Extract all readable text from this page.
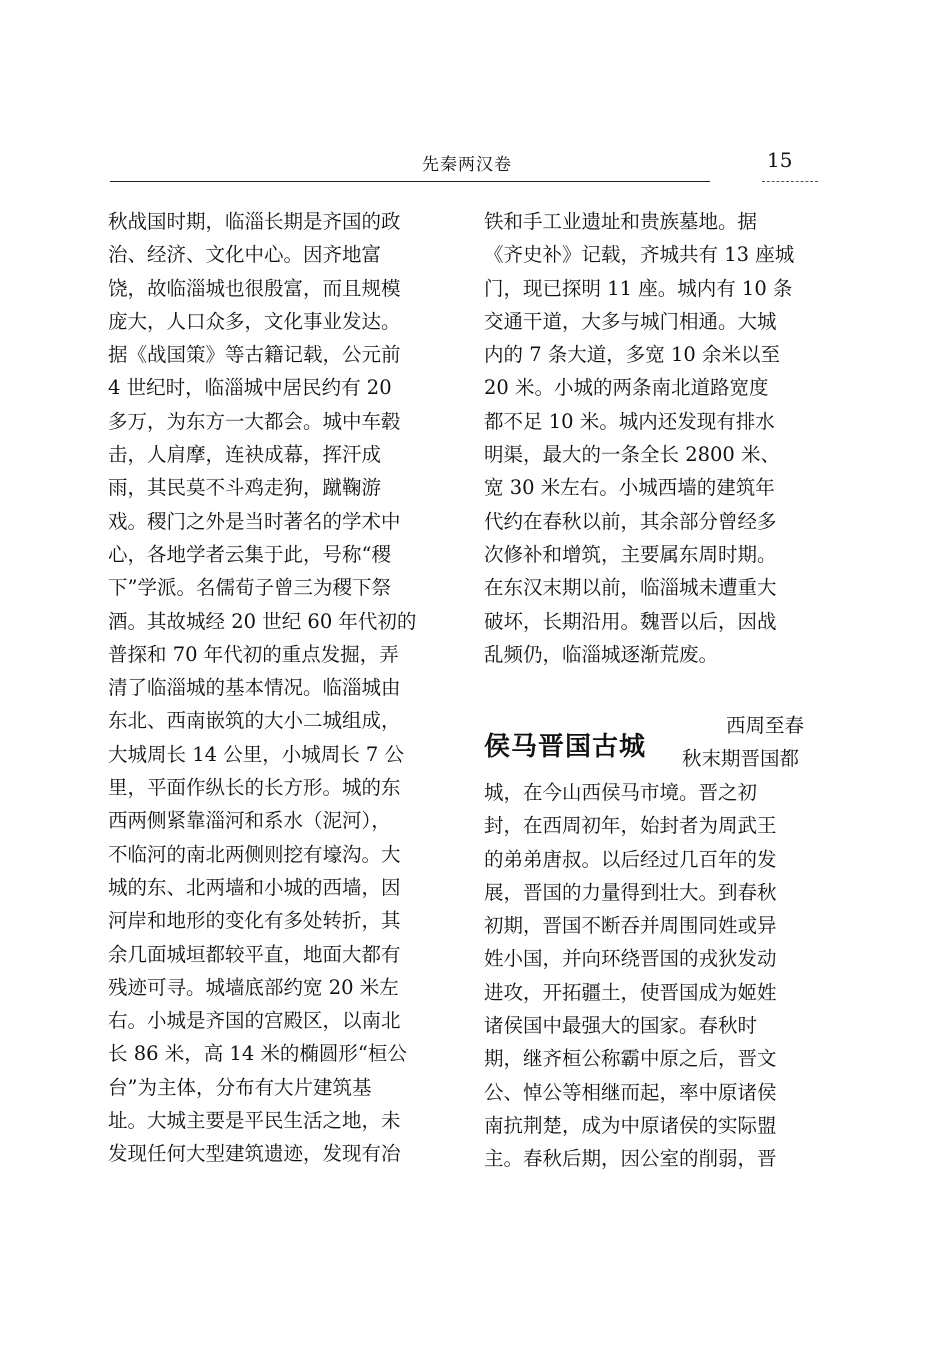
先秦两汉卷	15
秋战国时期，临淄长期是齐国的政
治、经济、文化中心。因齐地富
饶，故临淄城也很殷富，而且规模
庞大，人口众多，文化事业发达。
据《战国策》等古籍记载，公元前
4 世纪时，临淄城中居民约有 20
多万，为东方一大都会。城中车毂
击，人肩摩，连袂成幕，挥汗成
雨，其民莫不斗鸡走狗，蹴鞠游
戏。稷门之外是当时著名的学术中
心，各地学者云集于此，号称“稷
下”学派。名儒荀子曾三为稷下祭
酒。其故城经 20 世纪 60 年代初的
普探和 70 年代初的重点发掘，弄
清了临淄城的基本情况。临淄城由
东北、西南嵌筑的大小二城组成，
大城周长 14 公里，小城周长 7 公
里，平面作纵长的长方形。城的东
西两侧紧靠淄河和系水（泥河），
不临河的南北两侧则挖有壕沟。大
城的东、北两墙和小城的西墙，因
河岸和地形的变化有多处转折，其
余几面城垣都较平直，地面大都有
残迹可寻。城墙底部约宽 20 米左
右。小城是齐国的宫殿区，以南北
长 86 米，高 14 米的椭圆形“桓公
台”为主体，分布有大片建筑基
址。大城主要是平民生活之地，未
发现任何大型建筑遗迹，发现有冶
铁和手工业遗址和贵族墓地。据
《齐史补》记载，齐城共有 13 座城
门，现已探明 11 座。城内有 10 条
交通干道，大多与城门相通。大城
内的 7 条大道，多宽 10 余米以至
20 米。小城的两条南北道路宽度
都不足 10 米。城内还发现有排水
明渠，最大的一条全长 2800 米、
宽 30 米左右。小城西墙的建筑年
代约在春秋以前，其余部分曾经多
次修补和增筑，主要属东周时期。
在东汉末期以前，临淄城未遭重大
破坏，长期沿用。魏晋以后，因战
乱频仍，临淄城逐渐荒废。
侯马晋国古城
西周至春
秋末期晋国都
城，在今山西侯马市境。晋之初
封，在西周初年，始封者为周武王
的弟弟唐叔。以后经过几百年的发
展，晋国的力量得到壮大。到春秋
初期，晋国不断吞并周围同姓或异
姓小国，并向环绕晋国的戎狄发动
进攻，开拓疆土，使晋国成为姬姓
诸侯国中最强大的国家。春秋时
期，继齐桓公称霸中原之后，晋文
公、悼公等相继而起，率中原诸侯
南抗荆楚，成为中原诸侯的实际盟
主。春秋后期，因公室的削弱，晋
